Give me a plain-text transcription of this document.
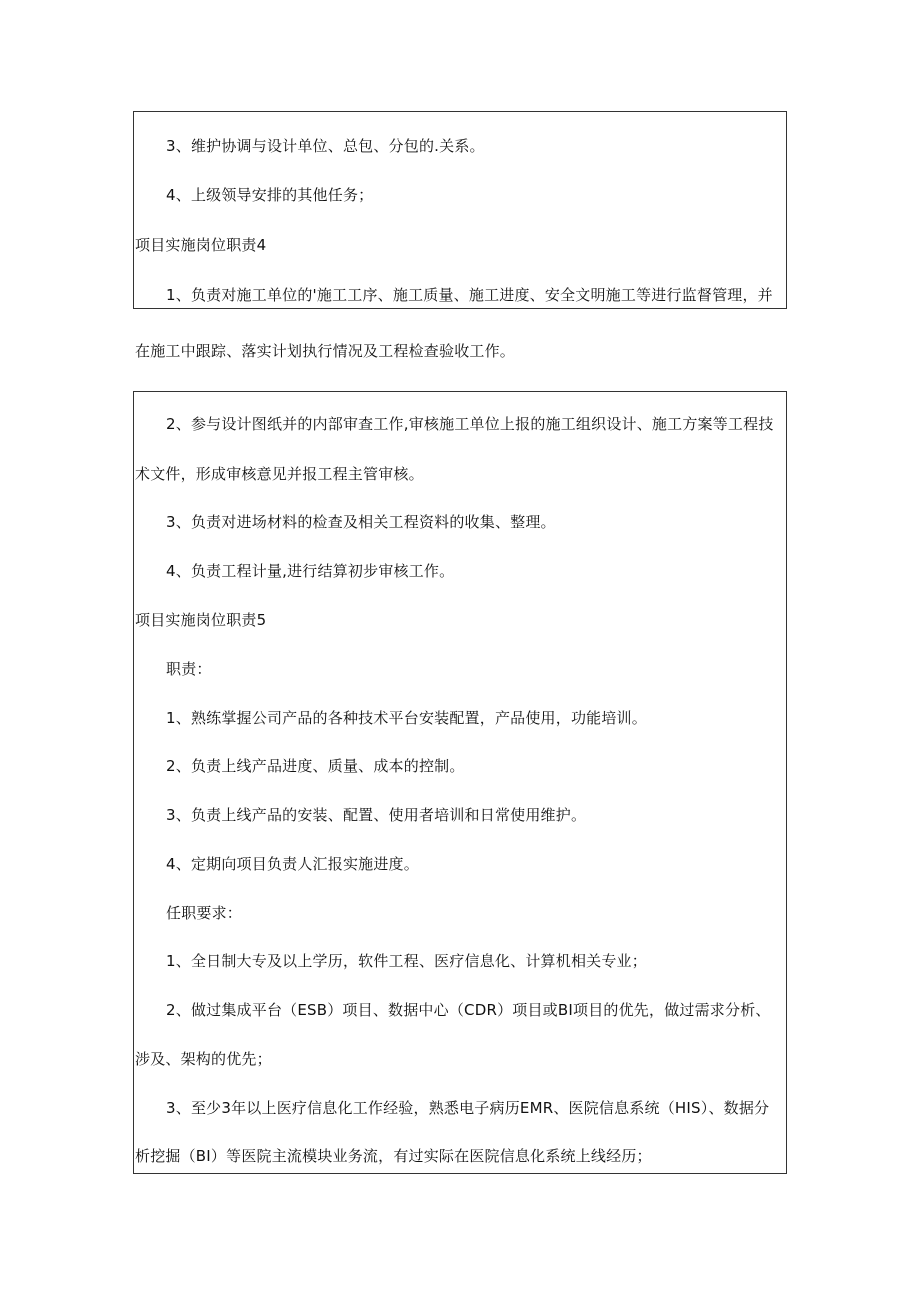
3、维护协调与设计单位、总包、分包的.关系。
4、上级领导安排的其他任务；
项目实施岗位职责4
1、负责对施工单位的'施工工序、施工质量、施工进度、安全文明施工等进行监督管理，并
在施工中跟踪、落实计划执行情况及工程检查验收工作。
2、参与设计图纸并的内部审查工作,审核施工单位上报的施工组织设计、施工方案等工程技
术文件，形成审核意见并报工程主管审核。
3、负责对进场材料的检查及相关工程资料的收集、整理。
4、负责工程计量,进行结算初步审核工作。
项目实施岗位职责5
职责：
1、熟练掌握公司产品的各种技术平台安装配置，产品使用，功能培训。
2、负责上线产品进度、质量、成本的控制。
3、负责上线产品的安装、配置、使用者培训和日常使用维护。
4、定期向项目负责人汇报实施进度。
任职要求：
1、全日制大专及以上学历，软件工程、医疗信息化、计算机相关专业；
2、做过集成平台（ESB）项目、数据中心（CDR）项目或BI项目的优先，做过需求分析、
涉及、架构的优先；
3、至少3年以上医疗信息化工作经验，熟悉电子病历EMR、医院信息系统（HIS）、数据分
析挖掘（BI）等医院主流模块业务流，有过实际在医院信息化系统上线经历；
